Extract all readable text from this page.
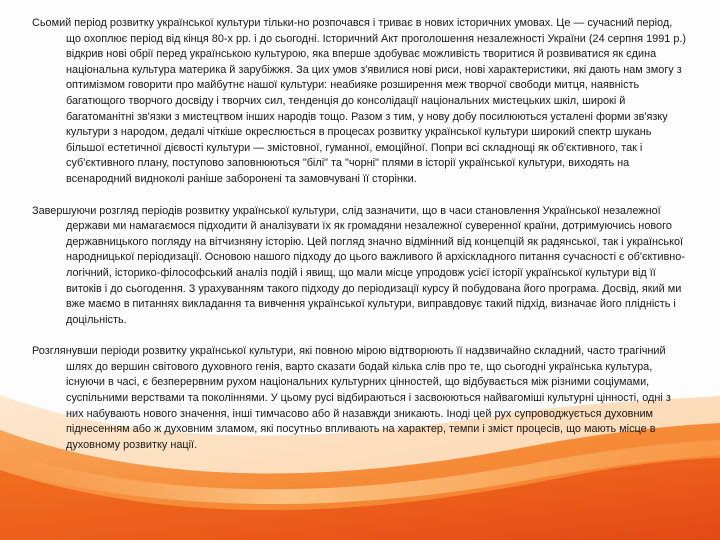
Сьомий період розвитку української культури тільки-но розпочався і триває в нових історичних умовах. Це — сучасний період, що охоплює період від кінця 80-х рр. і до сьогодні. Історичний Акт проголошення незалежності України (24 серпня 1991 р.) відкрив нові обрії перед українською культурою, яка вперше здобуває можливість творитися й розвиватися як єдина національна культура материка й зарубіжжя. За цих умов з'явилися нові риси, нові характеристики, які дають нам змогу з оптимізмом говорити про майбутнє нашої культури: неабияке розширення меж творчої свободи митця, наявність багатющого творчого досвіду і творчих сил, тенденція до консолідації національних мистецьких шкіл, широкі й багатоманітні зв'язки з мистецтвом інших народів тощо. Разом з тим, у нову добу посилюються усталені форми зв'язку культури з народом, дедалі чіткіше окреслюється в процесах розвитку української культури широкий спектр шукань більшої естетичної дієвості культури — змістовної, гуманної, емоційної. Попри всі складнощі як об'єктивного, так і суб'єктивного плану, поступово заповнюються "білі" та "чорні" плями в історії української культури, виходять на всенародний видноколі раніше заборонені та замовчувані її сторінки.

Завершуючи розгляд періодів розвитку української культури, слід зазначити, що в часи становлення Української незалежної держави ми намагаємося підходити й аналізувати їх як громадяни незалежної суверенної країни, дотримуючись нового державницького погляду на вітчизняну історію. Цей погляд значно відмінний від концепцій як радянської, так і української народницької періодизації. Основою нашого підходу до цього важливого й архіскладного питання сучасності є об'єктивно-логічний, історико-філософський аналіз подій і явищ, що мали місце упродовж усієї історії української культури від її витоків і до сьогодення. З урахуванням такого підходу до періодизації курсу й побудована його програма. Досвід, який ми вже маємо в питаннях викладання та вивчення української культури, виправдовує такий підхід, визначає його плідність і доцільність.

Розглянувши періоди розвитку української культури, які повною мірою відтворюють її надзвичайно складний, часто трагічний шлях до вершин світового духовного генія, варто сказати бодай кілька слів про те, що сьогодні українська культура, існуючи в часі, є безперервним рухом національних культурних цінностей, що відбувається між різними соціумами, суспільними верствами та поколіннями. У цьому русі відбираються і засвоюються найвагоміші культурні цінності, одні з них набувають нового значення, інші тимчасово або й назавжди зникають. Іноді цей рух супроводжується духовним піднесенням або ж духовним зламом, які посутньо впливають на характер, темпи і зміст процесів, що мають місце в духовному розвитку нації.
